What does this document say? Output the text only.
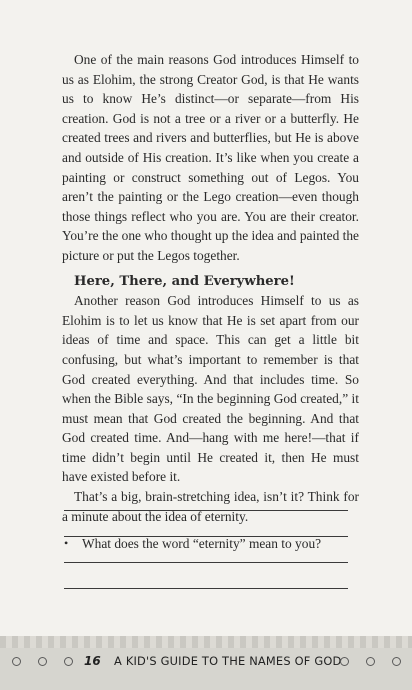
One of the main reasons God introduces Himself to us as Elohim, the strong Creator God, is that He wants us to know He’s distinct—or separate—from His creation. God is not a tree or a river or a butterfly. He created trees and rivers and butterflies, but He is above and outside of His creation. It’s like when you create a painting or construct something out of Legos. You aren’t the painting or the Lego creation—even though those things reflect who you are. You are their creator. You’re the one who thought up the idea and painted the picture or put the Legos together.

Here, There, and Everywhere!

Another reason God introduces Himself to us as Elohim is to let us know that He is set apart from our ideas of time and space. This can get a little bit confusing, but what’s important to remember is that God created everything. And that includes time. So when the Bible says, “In the beginning God created,” it must mean that God created the beginning. And that God created time. And—hang with me here!—that if time didn’t begin until He created it, then He must have existed before it.

That’s a big, brain-stretching idea, isn’t it? Think for a minute about the idea of eternity.

•	What does the word “eternity” mean to you?
16 A KID'S GUIDE TO THE NAMES OF GOD
